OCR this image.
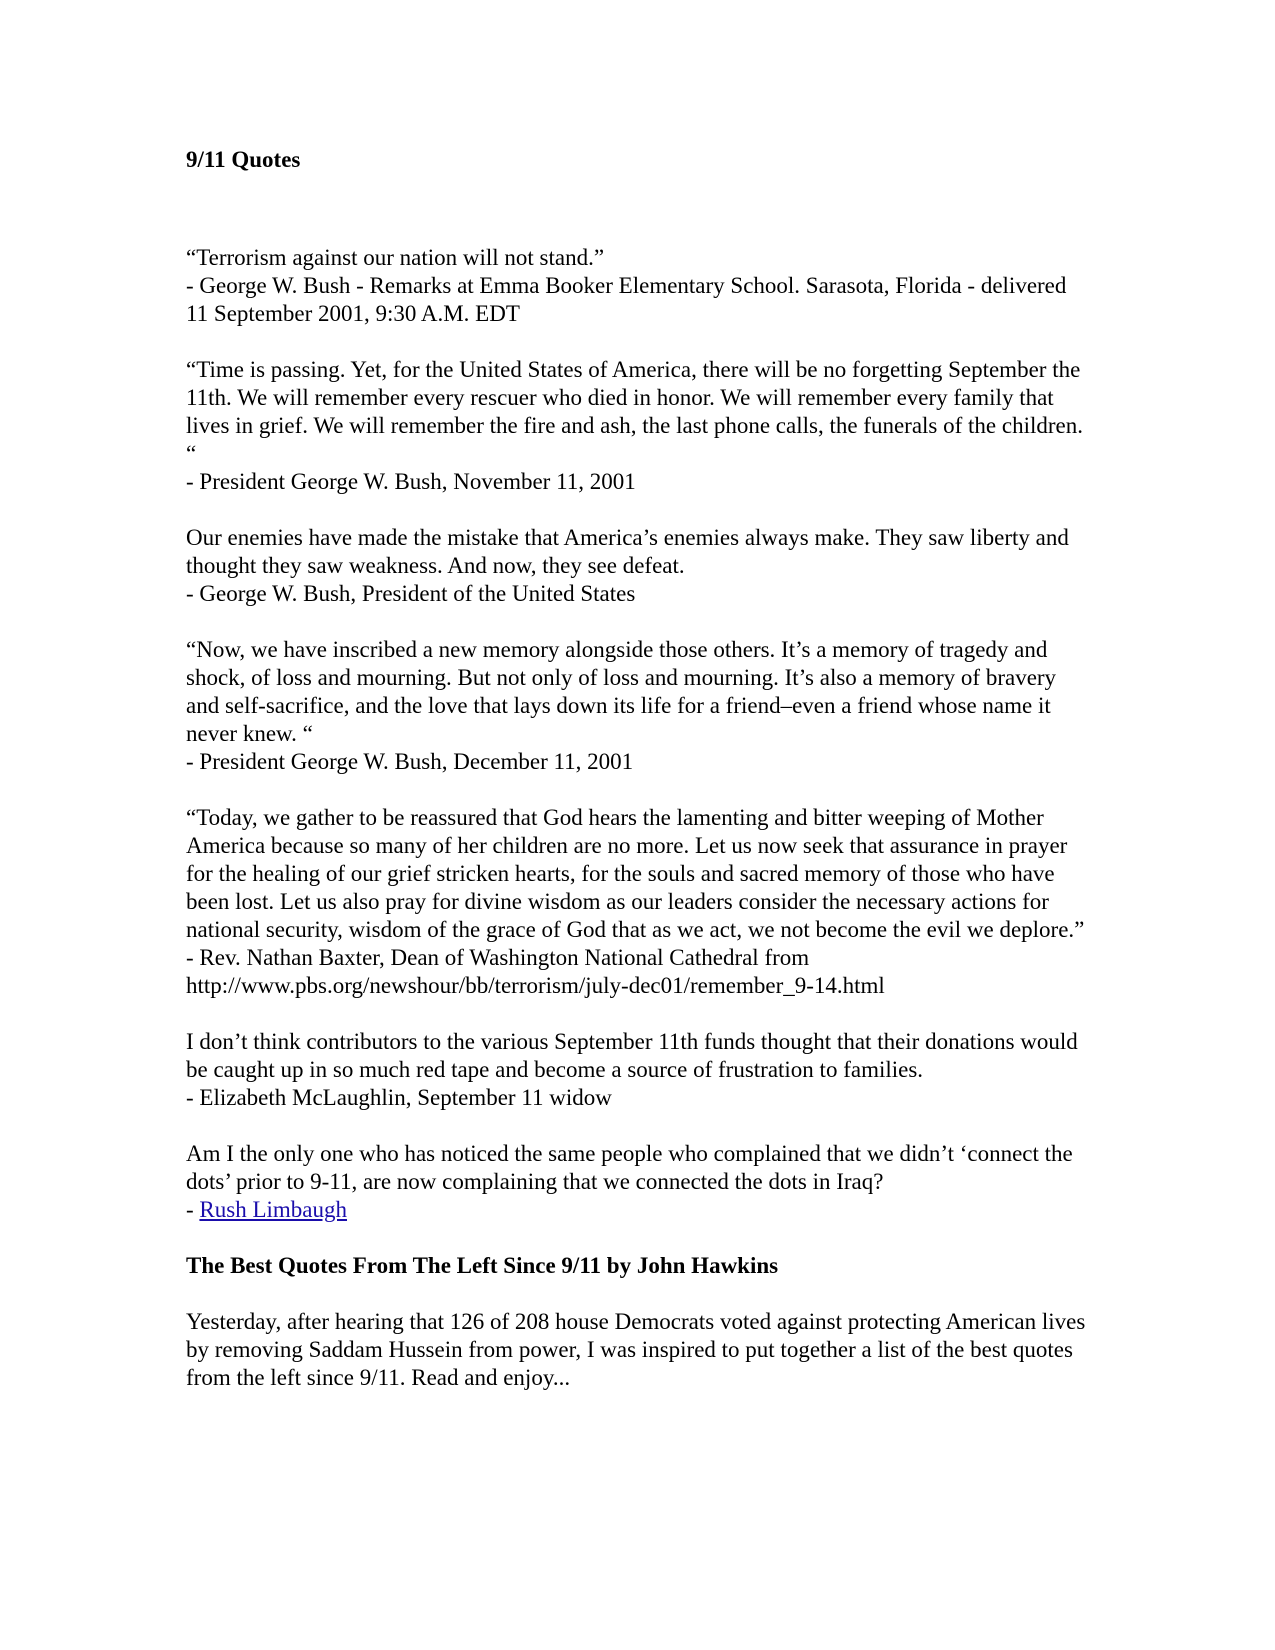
9/11 Quotes
“Terrorism against our nation will not stand.”
- George W. Bush - Remarks at Emma Booker Elementary School. Sarasota, Florida - delivered 11 September 2001, 9:30 A.M. EDT
“Time is passing. Yet, for the United States of America, there will be no forgetting September the 11th. We will remember every rescuer who died in honor. We will remember every family that lives in grief. We will remember the fire and ash, the last phone calls, the funerals of the children. “
- President George W. Bush, November 11, 2001
Our enemies have made the mistake that America’s enemies always make. They saw liberty and thought they saw weakness. And now, they see defeat.
- George W. Bush, President of the United States
“Now, we have inscribed a new memory alongside those others. It’s a memory of tragedy and shock, of loss and mourning. But not only of loss and mourning. It’s also a memory of bravery and self-sacrifice, and the love that lays down its life for a friend–even a friend whose name it never knew. “
- President George W. Bush, December 11, 2001
“Today, we gather to be reassured that God hears the lamenting and bitter weeping of Mother America because so many of her children are no more. Let us now seek that assurance in prayer for the healing of our grief stricken hearts, for the souls and sacred memory of those who have been lost. Let us also pray for divine wisdom as our leaders consider the necessary actions for national security, wisdom of the grace of God that as we act, we not become the evil we deplore.”
- Rev. Nathan Baxter, Dean of Washington National Cathedral from http://www.pbs.org/newshour/bb/terrorism/july-dec01/remember_9-14.html
I don’t think contributors to the various September 11th funds thought that their donations would be caught up in so much red tape and become a source of frustration to families.
- Elizabeth McLaughlin, September 11 widow
Am I the only one who has noticed the same people who complained that we didn’t ‘connect the dots’ prior to 9-11, are now complaining that we connected the dots in Iraq?
- Rush Limbaugh
The Best Quotes From The Left Since 9/11 by John Hawkins

Yesterday, after hearing that 126 of 208 house Democrats voted against protecting American lives by removing Saddam Hussein from power, I was inspired to put together a list of the best quotes from the left since 9/11. Read and enjoy...
